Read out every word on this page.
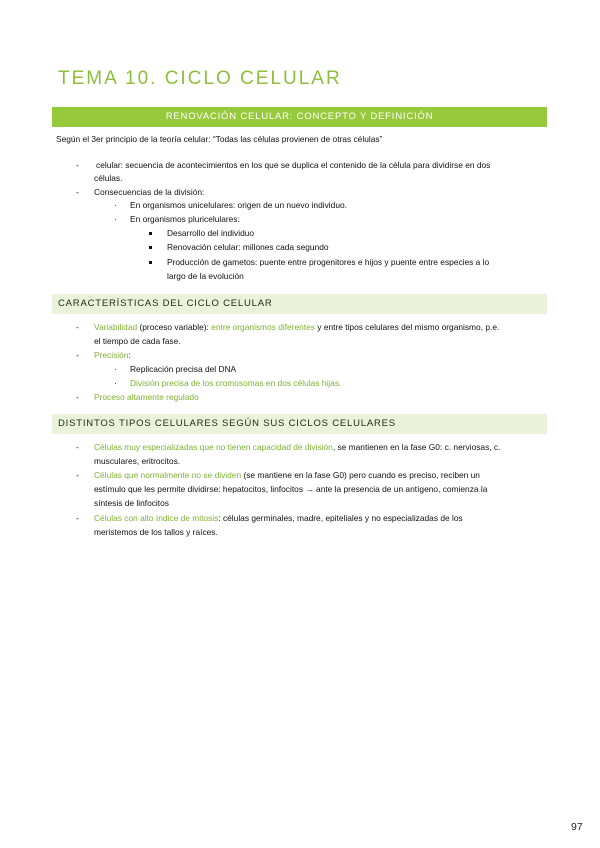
TEMA 10. CICLO CELULAR
RENOVACIÓN CELULAR: CONCEPTO Y DEFINICIÓN
Según el 3er principio de la teoría celular: “Todas las células provienen de otras células”
- celular: secuencia de acontecimientos en los que se duplica el contenido de la célula para dividirse en dos
células.
- Consecuencias de la división:
· En organismos unicelulares: origen de un nuevo individuo.
· En organismos pluricelulares:
Desarrollo del individuo
Renovación celular: millones cada segundo
Producción de gametos: puente entre progenitores e hijos y puente entre especies a lo
largo de la evolución
CARACTERÍSTICAS DEL CICLO CELULAR
- Variabilidad (proceso variable): entre organismos diferentes y entre tipos celulares del mismo organismo, p.e.
el tiempo de cada fase.
- Precisión:
· Replicación precisa del DNA
· División precisa de los cromosomas en dos células hijas.
- Proceso altamente regulado
DISTINTOS TIPOS CELULARES SEGÚN SUS CICLOS CELULARES
- Células muy especializadas que no tienen capacidad de división, se mantienen en la fase G0: c. nerviosas, c.
musculares, eritrocitos.
- Células que normalmente no se dividen (se mantiene en la fase G0) pero cuando es preciso, reciben un
estímulo que les permite dividirse: hepatocitos, linfocitos → ante la presencia de un antígeno, comienza la
síntesis de linfocitos
- Células con alto índice de mitosis: células germinales, madre, epiteliales y no especializadas de los
meristemos de los tallos y raíces.
97
